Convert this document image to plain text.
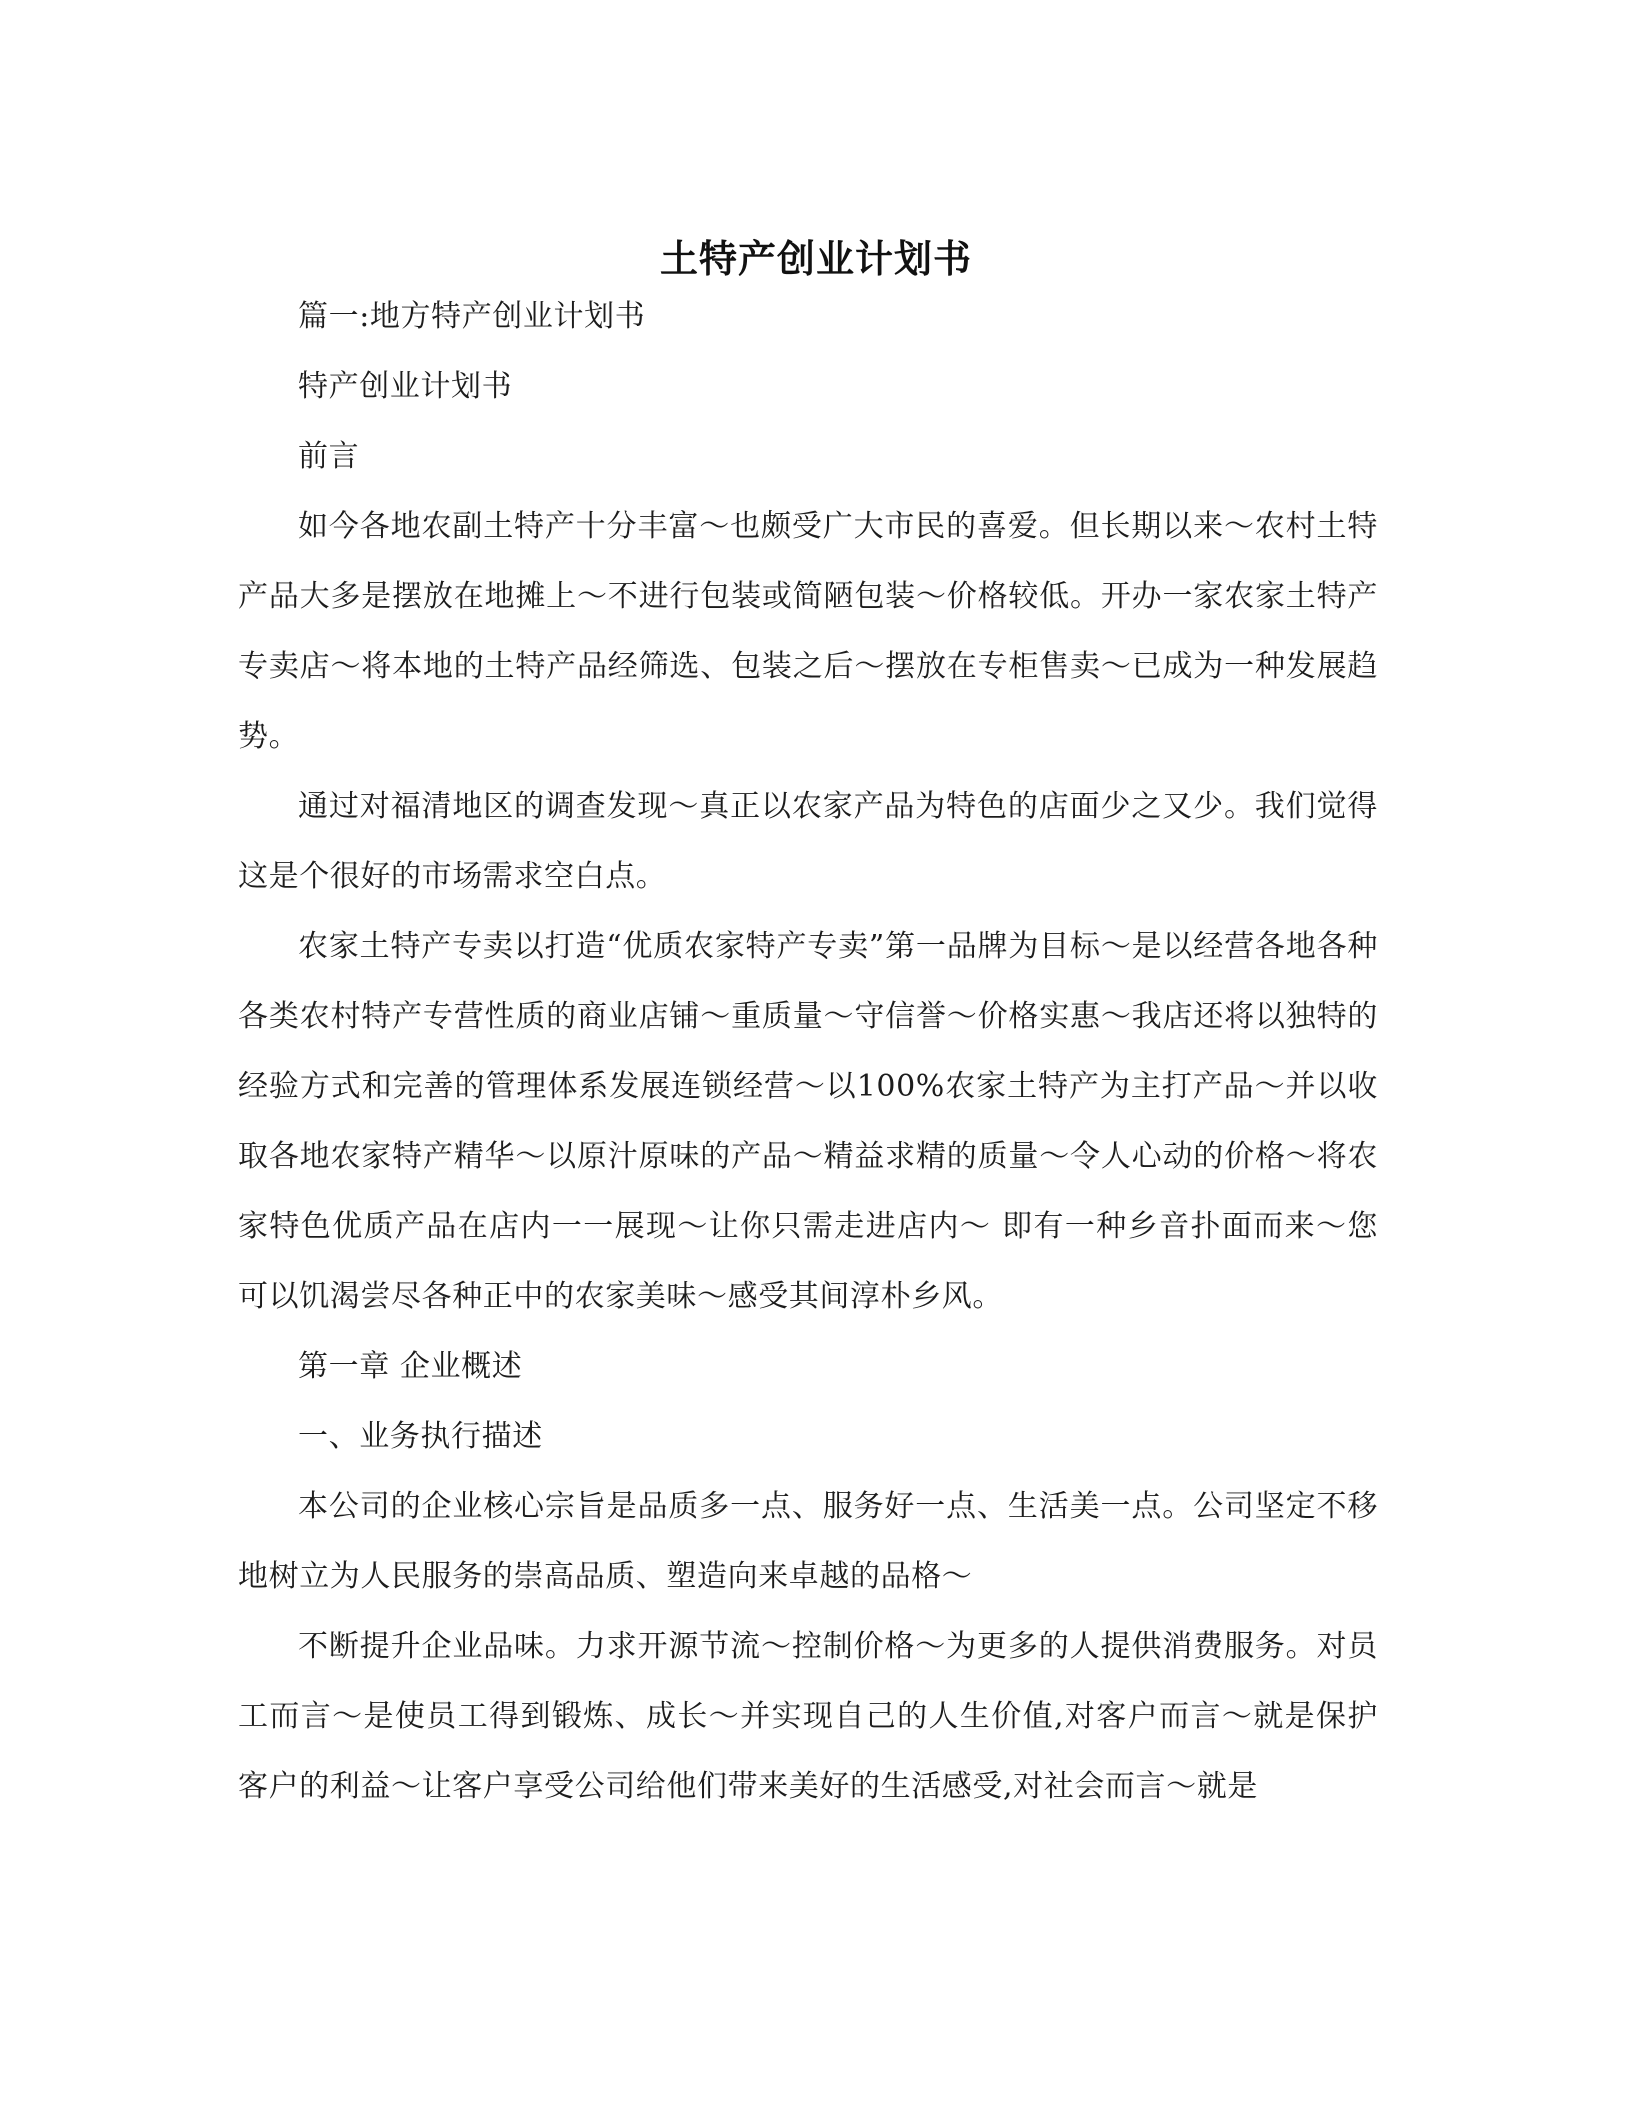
土特产创业计划书

篇一:地方特产创业计划书

特产创业计划书

前言

如今各地农副土特产十分丰富～也颇受广大市民的喜爱。但长期以来～农村土特产品大多是摆放在地摊上～不进行包装或简陋包装～价格较低。开办一家农家土特产专卖店～将本地的土特产品经筛选、包装之后～摆放在专柜售卖～已成为一种发展趋势。

通过对福清地区的调查发现～真正以农家产品为特色的店面少之又少。我们觉得这是个很好的市场需求空白点。

农家土特产专卖以打造“优质农家特产专卖”第一品牌为目标～是以经营各地各种各类农村特产专营性质的商业店铺～重质量～守信誉～价格实惠～我店还将以独特的经验方式和完善的管理体系发展连锁经营～以100%农家土特产为主打产品～并以收取各地农家特产精华～以原汁原味的产品～精益求精的质量～令人心动的价格～将农家特色优质产品在店内一一展现～让你只需走进店内～ 即有一种乡音扑面而来～您可以饥渴尝尽各种正中的农家美味～感受其间淳朴乡风。

第一章 企业概述

一、业务执行描述

本公司的企业核心宗旨是品质多一点、服务好一点、生活美一点。公司坚定不移地树立为人民服务的崇高品质、塑造向来卓越的品格～

不断提升企业品味。力求开源节流～控制价格～为更多的人提供消费服务。对员工而言～是使员工得到锻炼、成长～并实现自己的人生价值,对客户而言～就是保护客户的利益～让客户享受公司给他们带来美好的生活感受,对社会而言～就是
